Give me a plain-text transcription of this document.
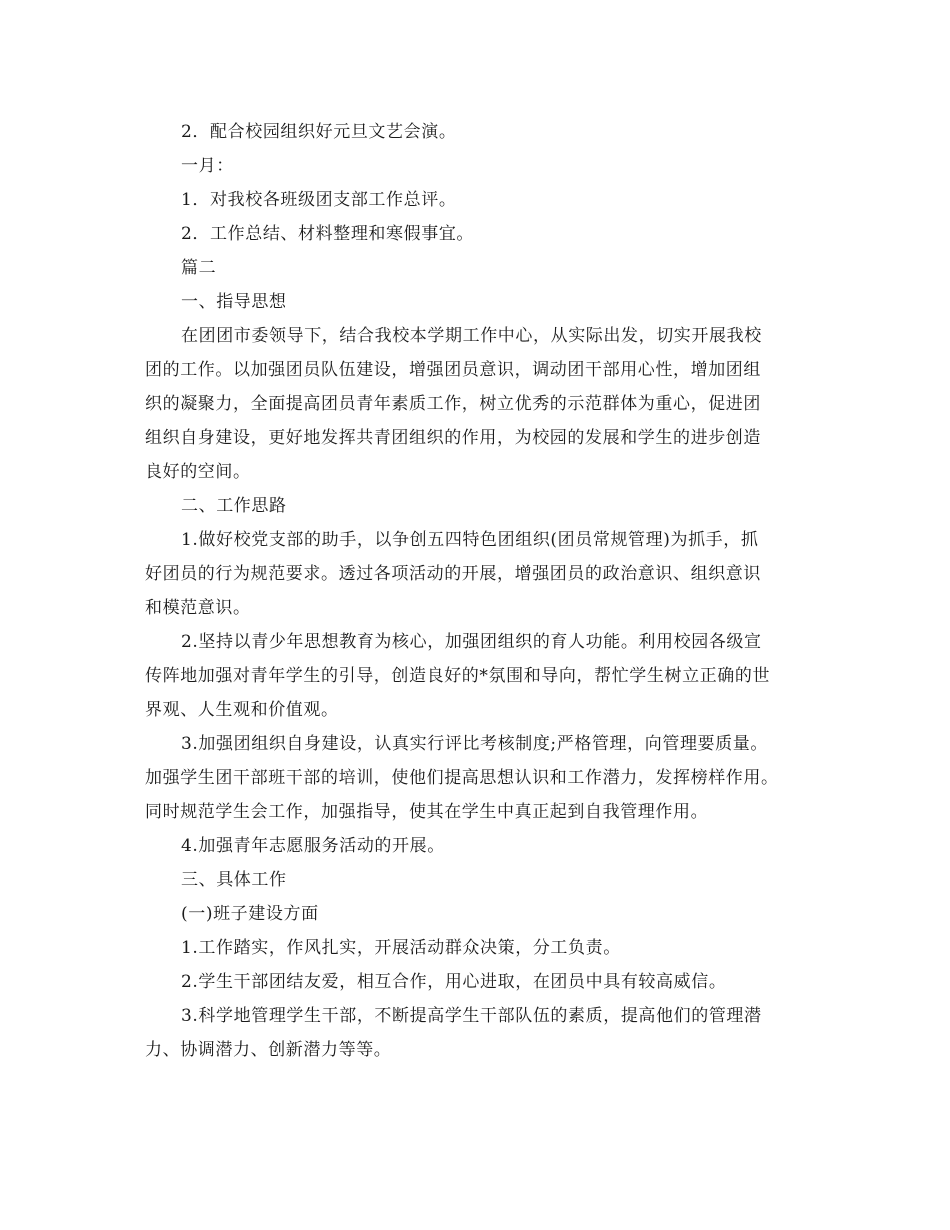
2．配合校园组织好元旦文艺会演。

一月：

1．对我校各班级团支部工作总评。

2．工作总结、材料整理和寒假事宜。

篇二

一、指导思想

在团团市委领导下，结合我校本学期工作中心，从实际出发，切实开展我校

团的工作。以加强团员队伍建设，增强团员意识，调动团干部用心性，增加团组

织的凝聚力，全面提高团员青年素质工作，树立优秀的示范群体为重心，促进团

组织自身建设，更好地发挥共青团组织的作用，为校园的发展和学生的进步创造

良好的空间。

二、工作思路

1.做好校党支部的助手，以争创五四特色团组织(团员常规管理)为抓手，抓

好团员的行为规范要求。透过各项活动的开展，增强团员的政治意识、组织意识

和模范意识。

2.坚持以青少年思想教育为核心，加强团组织的育人功能。利用校园各级宣

传阵地加强对青年学生的引导，创造良好的*氛围和导向，帮忙学生树立正确的世

界观、人生观和价值观。

3.加强团组织自身建设，认真实行评比考核制度;严格管理，向管理要质量。

加强学生团干部班干部的培训，使他们提高思想认识和工作潜力，发挥榜样作用。

同时规范学生会工作，加强指导，使其在学生中真正起到自我管理作用。

4.加强青年志愿服务活动的开展。

三、具体工作

(一)班子建设方面

1.工作踏实，作风扎实，开展活动群众决策，分工负责。

2.学生干部团结友爱，相互合作，用心进取，在团员中具有较高威信。

3.科学地管理学生干部，不断提高学生干部队伍的素质，提高他们的管理潜

力、协调潜力、创新潜力等等。
